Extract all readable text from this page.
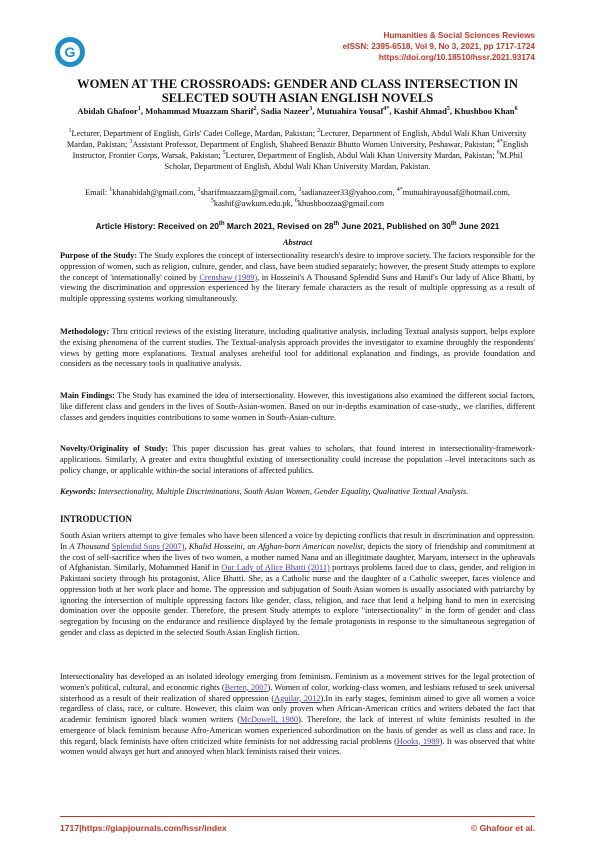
G
Humanities & Social Sciences Reviews
eISSN: 2395-6518, Vol 9, No 3, 2021, pp 1717-1724
https://doi.org/10.18510/hssr.2021.93174
WOMEN AT THE CROSSROADS: GENDER AND CLASS INTERSECTION IN SELECTED SOUTH ASIAN ENGLISH NOVELS
Abidah Ghafoor$^1$, Mohammad Muazzam Sharif$^2$, Sadia Nazeer$^3$, Mutuahira Yousaf$^{4*}$, Kashif Ahmad$^5$, Khushboo Khan$^6$
$^1$Lecturer, Department of English, Girls' Cadet College, Mardan, Pakistan; $^2$Lecturer, Department of English, Abdul Wali Khan University Mardan, Pakistan; $^3$Assistant Professor, Department of English, Shaheed Benazir Bhutto Women University, Peshawar, Pakistan; $^{4*}$English Instructor, Frontier Corps, Warsak, Pakistan; $^5$Lecturer, Department of English, Abdul Wali Khan University Mardan, Pakistan; $^6$M.Phil Scholar, Department of English, Abdul Wali Khan University Mardan, Pakistan.
Email: $^1$khanabidah@gmail.com, $^2$sharifmuazzam@gmail.com, $^3$sadianazeer33@yahoo.com, $^{4*}$mutuahirayousaf@hotmail.com, $^5$kashif@awkum.edu.pk, $^6$khushboozaa@gmail.com
Article History: Received on 20th March 2021, Revised on 28th June 2021, Published on 30th June 2021
Abstract
Purpose of the Study: The Study explores the concept of intersectionality research's desire to improve society. The factors responsible for the oppression of women, such as religion, culture, gender, and class, have been studied separately; however, the present Study attempts to explore the concept of 'internationally' coined by Crenshaw (1989), in Hosseini's A Thousand Splendid Suns and Hanif's Our lady of Alice Bhatti, by viewing the discrimination and oppression experienced by the literary female characters as the result of multiple oppressing as a result of multiple oppressing systems working simultaneously.
Methodology: Thru critical reviews of the existing literature, including qualitative analysis, including Textual analysis support, helps explore the exising phenomena of the current studies. The Textual-analysis approach provides the investigator to examine throughly the respondents' views by getting more explanations. Textual analyses areheiful tool for additional explanation and findings, as provide foundation and considers as the necessary tools in qualitative analysis.
Main Findings: The Study has examined the idea of intersectionality. However, this investigations also examined the different social factors, like different class and genders in the lives of South-Asian-women. Based on our in-depths examination of case-study., we clarifies, different classes and genders inquities contributions to some women in South-Asian-culture.
Novelty/Originality of Study: This paper discussion has great values to scholars, that found interest in intersectionality-framework-applications. Similarly, A greater and extra thoughtful existing of intersectionality could increase the population –level interacitons such as policy change, or applicable within-the social interations of affected publics.
Keywords: Intersectionality, Multiple Discriminations, South Asian Women, Gender Equality, Qualitative Textual Analysis.
INTRODUCTION
South Asian writers attempt to give females who have been silenced a voice by depicting conflicts that result in discrimination and oppression. In A Thousand Splendid Suns (2007), Khalid Hosseini, an Afghan-born American novelist, depicts the story of friendship and commitment at the cost of self-sacrifice when the lives of two women, a mother named Nana and an illegitimate daughter, Maryam, intersect in the upheavals of Afghanistan. Similarly, Mohammed Hanif in Our Lady of Alice Bhatti (2011) portrays problems faced due to class, gender, and religion in Pakistani society through his protagonist, Alice Bhatti. She, as a Catholic nurse and the daughter of a Catholic sweeper, faces violence and oppression both at her work place and home. The oppression and subjugation of South Asian women is usually associated with patriarchy by ignoring the intersection of multiple oppressing factors like gender, class, religion, and race that lend a helping hand to men in exercising domination over the opposite gender. Therefore, the present Study attempts to explore "intersectionality" in the form of gender and class segregation by focusing on the endurance and resilience displayed by the female protagonists in response to the simultaneous segregation of gender and class as depicted in the selected South Asian English fiction.
Intersectionality has developed as an isolated ideology emerging from feminism. Feminism as a movement strives for the legal protection of women's political, cultural, and economic rights (Berten, 2007). Women of color, working-class women, and lesbians refused to seek universal sisterhood as a result of their realization of shared oppression (Aguilar, 2012).In its early stages, feminism aimed to give all women a voice regardless of class, race, or culture. However, this claim was only proven when African-American critics and writers debated the fact that academic feminism ignored black women writers (McDowell, 1980). Therefore, the lack of interest of white feminists resulted in the emergence of black feminism because Afro-American women experienced subordination on the basis of gender as well as class and race. In this regard, black feminists have often criticized white feminists for not addressing racial problems (Hooks, 1989). It was observed that white women would always get hurt and annoyed when black feminists raised their voices.
1717|https://giapjournals.com/hssr/index	© Ghafoor et al.
